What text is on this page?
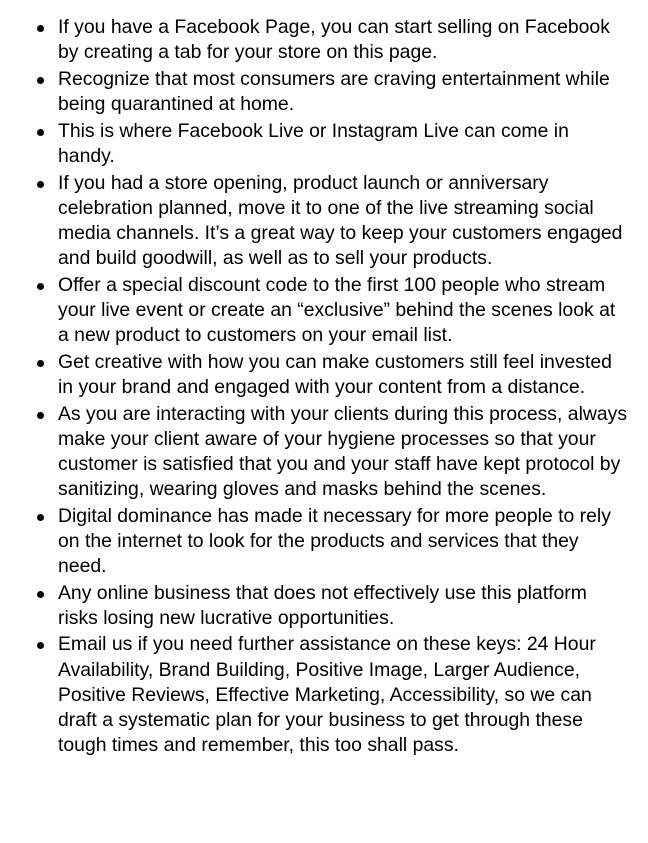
If you have a Facebook Page, you can start selling on Facebook by creating a tab for your store on this page.
Recognize that most consumers are craving entertainment while being quarantined at home.
This is where Facebook Live or Instagram Live can come in handy.
If you had a store opening, product launch or anniversary celebration planned, move it to one of the live streaming social media channels. It’s a great way to keep your customers engaged and build goodwill, as well as to sell your products.
Offer a special discount code to the first 100 people who stream your live event or create an “exclusive” behind the scenes look at a new product to customers on your email list.
Get creative with how you can make customers still feel invested in your brand and engaged with your content from a distance.
As you are interacting with your clients during this process, always make your client aware of your hygiene processes so that your customer is satisfied that you and your staff have kept protocol by sanitizing, wearing gloves and masks behind the scenes.
Digital dominance has made it necessary for more people to rely on the internet to look for the products and services that they need.
Any online business that does not effectively use this platform risks losing new lucrative opportunities.
Email us if you need further assistance on these keys: 24 Hour Availability, Brand Building, Positive Image, Larger Audience, Positive Reviews, Effective Marketing, Accessibility, so we can draft a systematic plan for your business to get through these tough times and remember, this too shall pass.
